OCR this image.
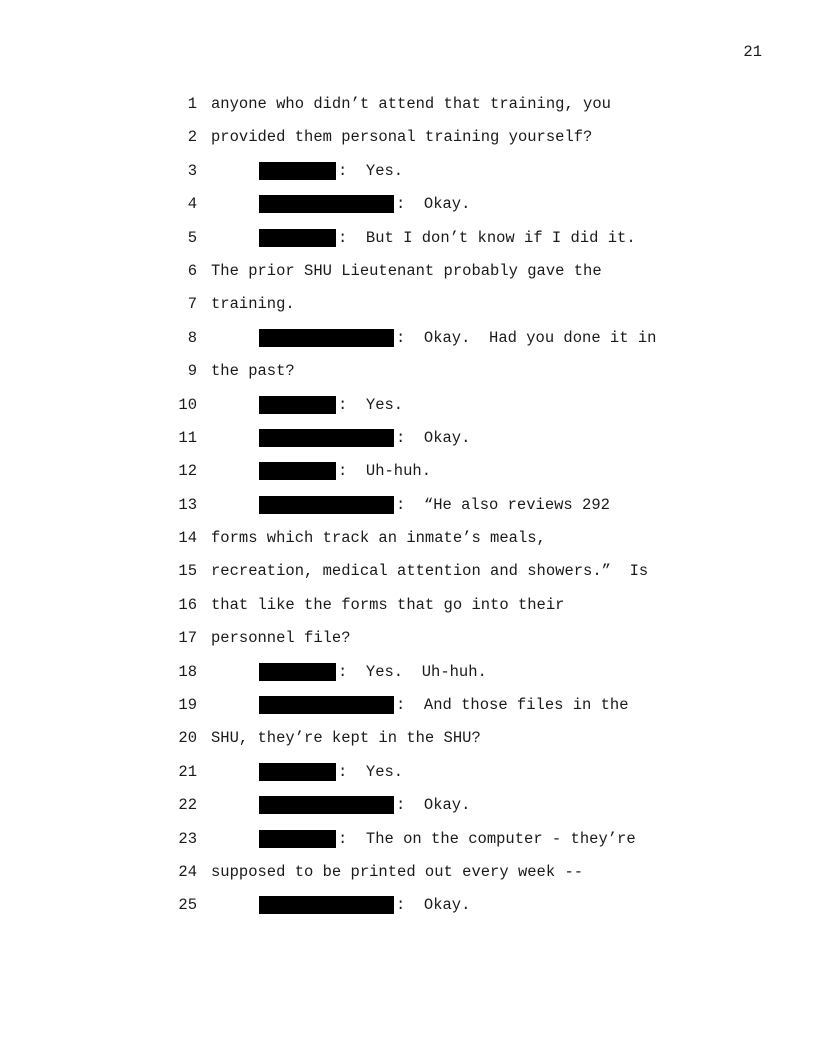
21
1 anyone who didn’t attend that training, you
2 provided them personal training yourself?
3	:  Yes.
4	:  Okay.
5	:  But I don’t know if I did it.
6 The prior SHU Lieutenant probably gave the
7 training.
8	:  Okay.  Had you done it in
9 the past?
10	:  Yes.
11	:  Okay.
12	:  Uh-huh.
13	:  “He also reviews 292
14 forms which track an inmate’s meals,
15 recreation, medical attention and showers.”  Is
16 that like the forms that go into their
17 personnel file?
18	:  Yes.  Uh-huh.
19	:  And those files in the
20 SHU, they’re kept in the SHU?
21	:  Yes.
22	:  Okay.
23	:  The on the computer - they’re
24 supposed to be printed out every week --
25	:  Okay.
